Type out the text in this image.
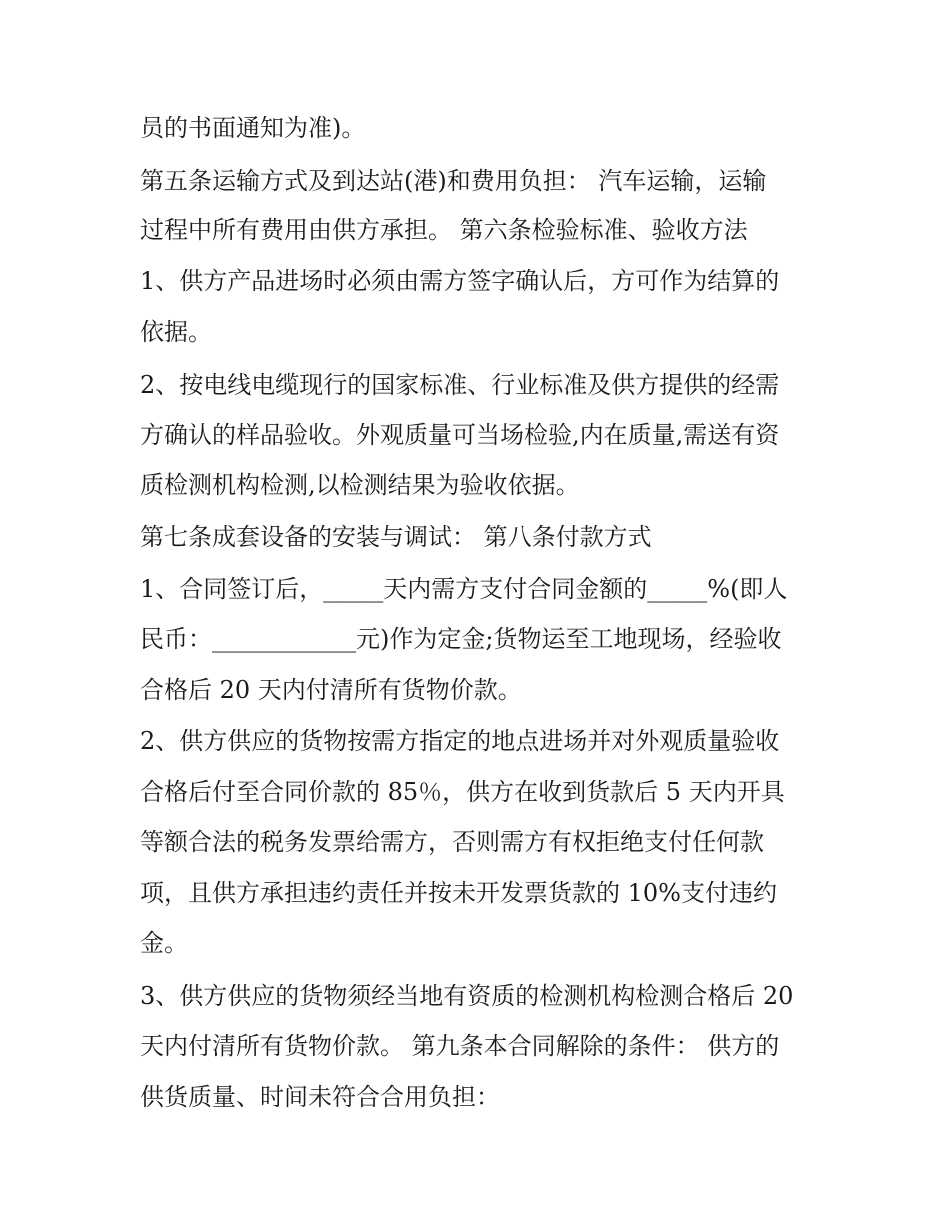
员的书面通知为准)。
第五条运输方式及到达站(港)和费用负担： 汽车运输，运输
过程中所有费用由供方承担。 第六条检验标准、验收方法
1、供方产品进场时必须由需方签字确认后，方可作为结算的
依据。
2、按电线电缆现行的国家标准、行业标准及供方提供的经需
方确认的样品验收。外观质量可当场检验,内在质量,需送有资
质检测机构检测,以检测结果为验收依据。
第七条成套设备的安装与调试： 第八条付款方式
1、合同签订后，_____天内需方支付合同金额的_____%(即人
民币：____________元)作为定金;货物运至工地现场，经验收
合格后 20 天内付清所有货物价款。
2、供方供应的货物按需方指定的地点进场并对外观质量验收
合格后付至合同价款的 85％，供方在收到货款后 5 天内开具
等额合法的税务发票给需方，否则需方有权拒绝支付任何款
项，且供方承担违约责任并按未开发票货款的 10%支付违约
金。
3、供方供应的货物须经当地有资质的检测机构检测合格后 20
天内付清所有货物价款。 第九条本合同解除的条件： 供方的
供货质量、时间未符合合用负担：
